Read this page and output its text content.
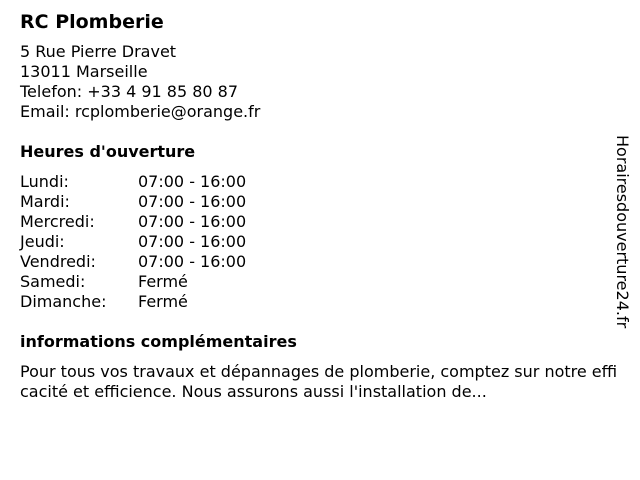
RC Plomberie
5 Rue Pierre Dravet
13011 Marseille
Telefon: +33 4 91 85 80 87
Email: rcplomberie@orange.fr
Heures d'ouverture
Lundi:	07:00 - 16:00
Mardi:	07:00 - 16:00
Mercredi:	07:00 - 16:00
Jeudi:	07:00 - 16:00
Vendredi:	07:00 - 16:00
Samedi:	Fermé
Dimanche:	Fermé
informations complémentaires

Pour tous vos travaux et dépannages de plomberie, comptez sur notre efficacité et efficience. Nous assurons aussi l'installation de...

Horairesdouverture24.fr
